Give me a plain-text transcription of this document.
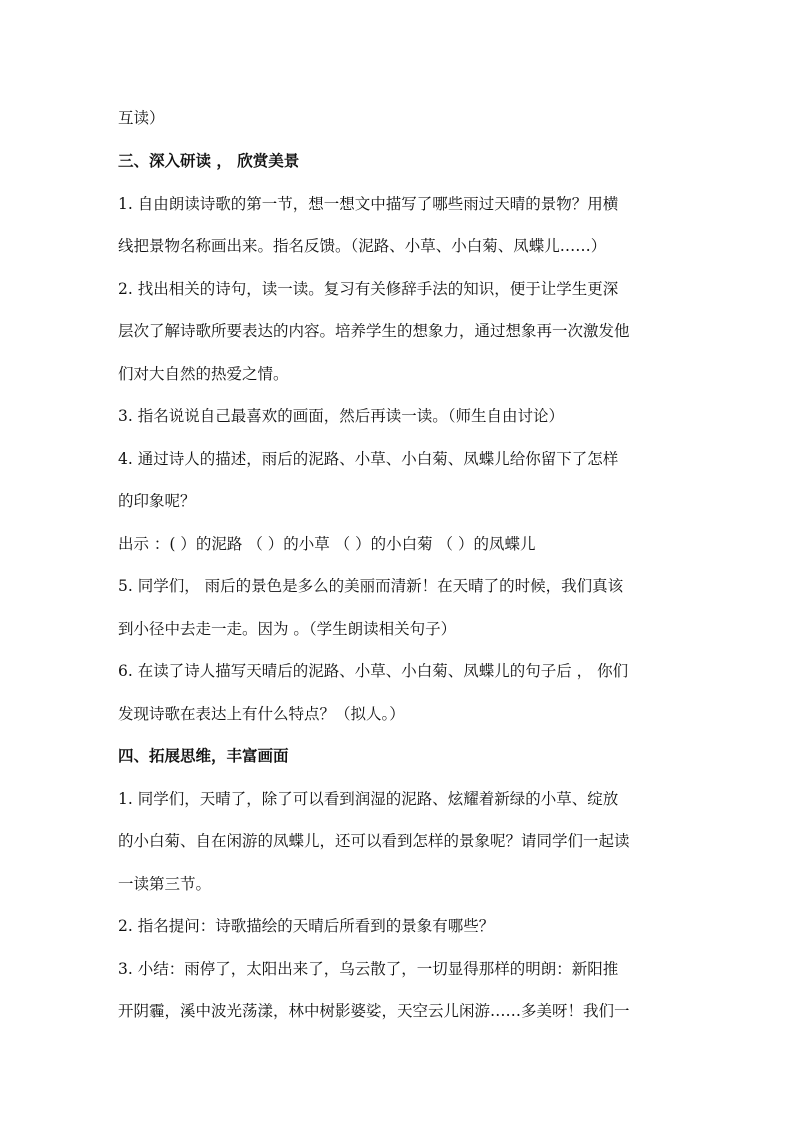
互读）
三、深入研读 ， 欣赏美景
1. 自由朗读诗歌的第一节，想一想文中描写了哪些雨过天晴的景物？用横
线把景物名称画出来。指名反馈。（泥路、小草、小白菊、凤蝶儿……）
2. 找出相关的诗句，读一读。复习有关修辞手法的知识，便于让学生更深
层次了解诗歌所要表达的内容。培养学生的想象力，通过想象再一次激发他
们对大自然的热爱之情。
3. 指名说说自己最喜欢的画面，然后再读一读。（师生自由讨论）
4. 通过诗人的描述，雨后的泥路、小草、小白菊、凤蝶儿给你留下了怎样
的印象呢？
出示 ：( ）的泥路 （ ）的小草 （ ）的小白菊 （ ）的凤蝶儿
5. 同学们， 雨后的景色是多么的美丽而清新！在天晴了的时候，我们真该
到小径中去走一走。因为 。（学生朗读相关句子）
6. 在读了诗人描写天晴后的泥路、小草、小白菊、凤蝶儿的句子后 ， 你们
发现诗歌在表达上有什么特点？（拟人。）
四、拓展思维，丰富画面
1. 同学们，天晴了，除了可以看到润湿的泥路、炫耀着新绿的小草、绽放
的小白菊、自在闲游的凤蝶儿，还可以看到怎样的景象呢？请同学们一起读
一读第三节。
2. 指名提问：诗歌描绘的天晴后所看到的景象有哪些？
3. 小结：雨停了，太阳出来了，乌云散了，一切显得那样的明朗：新阳推
开阴霾，溪中波光荡漾，林中树影婆娑，天空云儿闲游……多美呀！我们一
